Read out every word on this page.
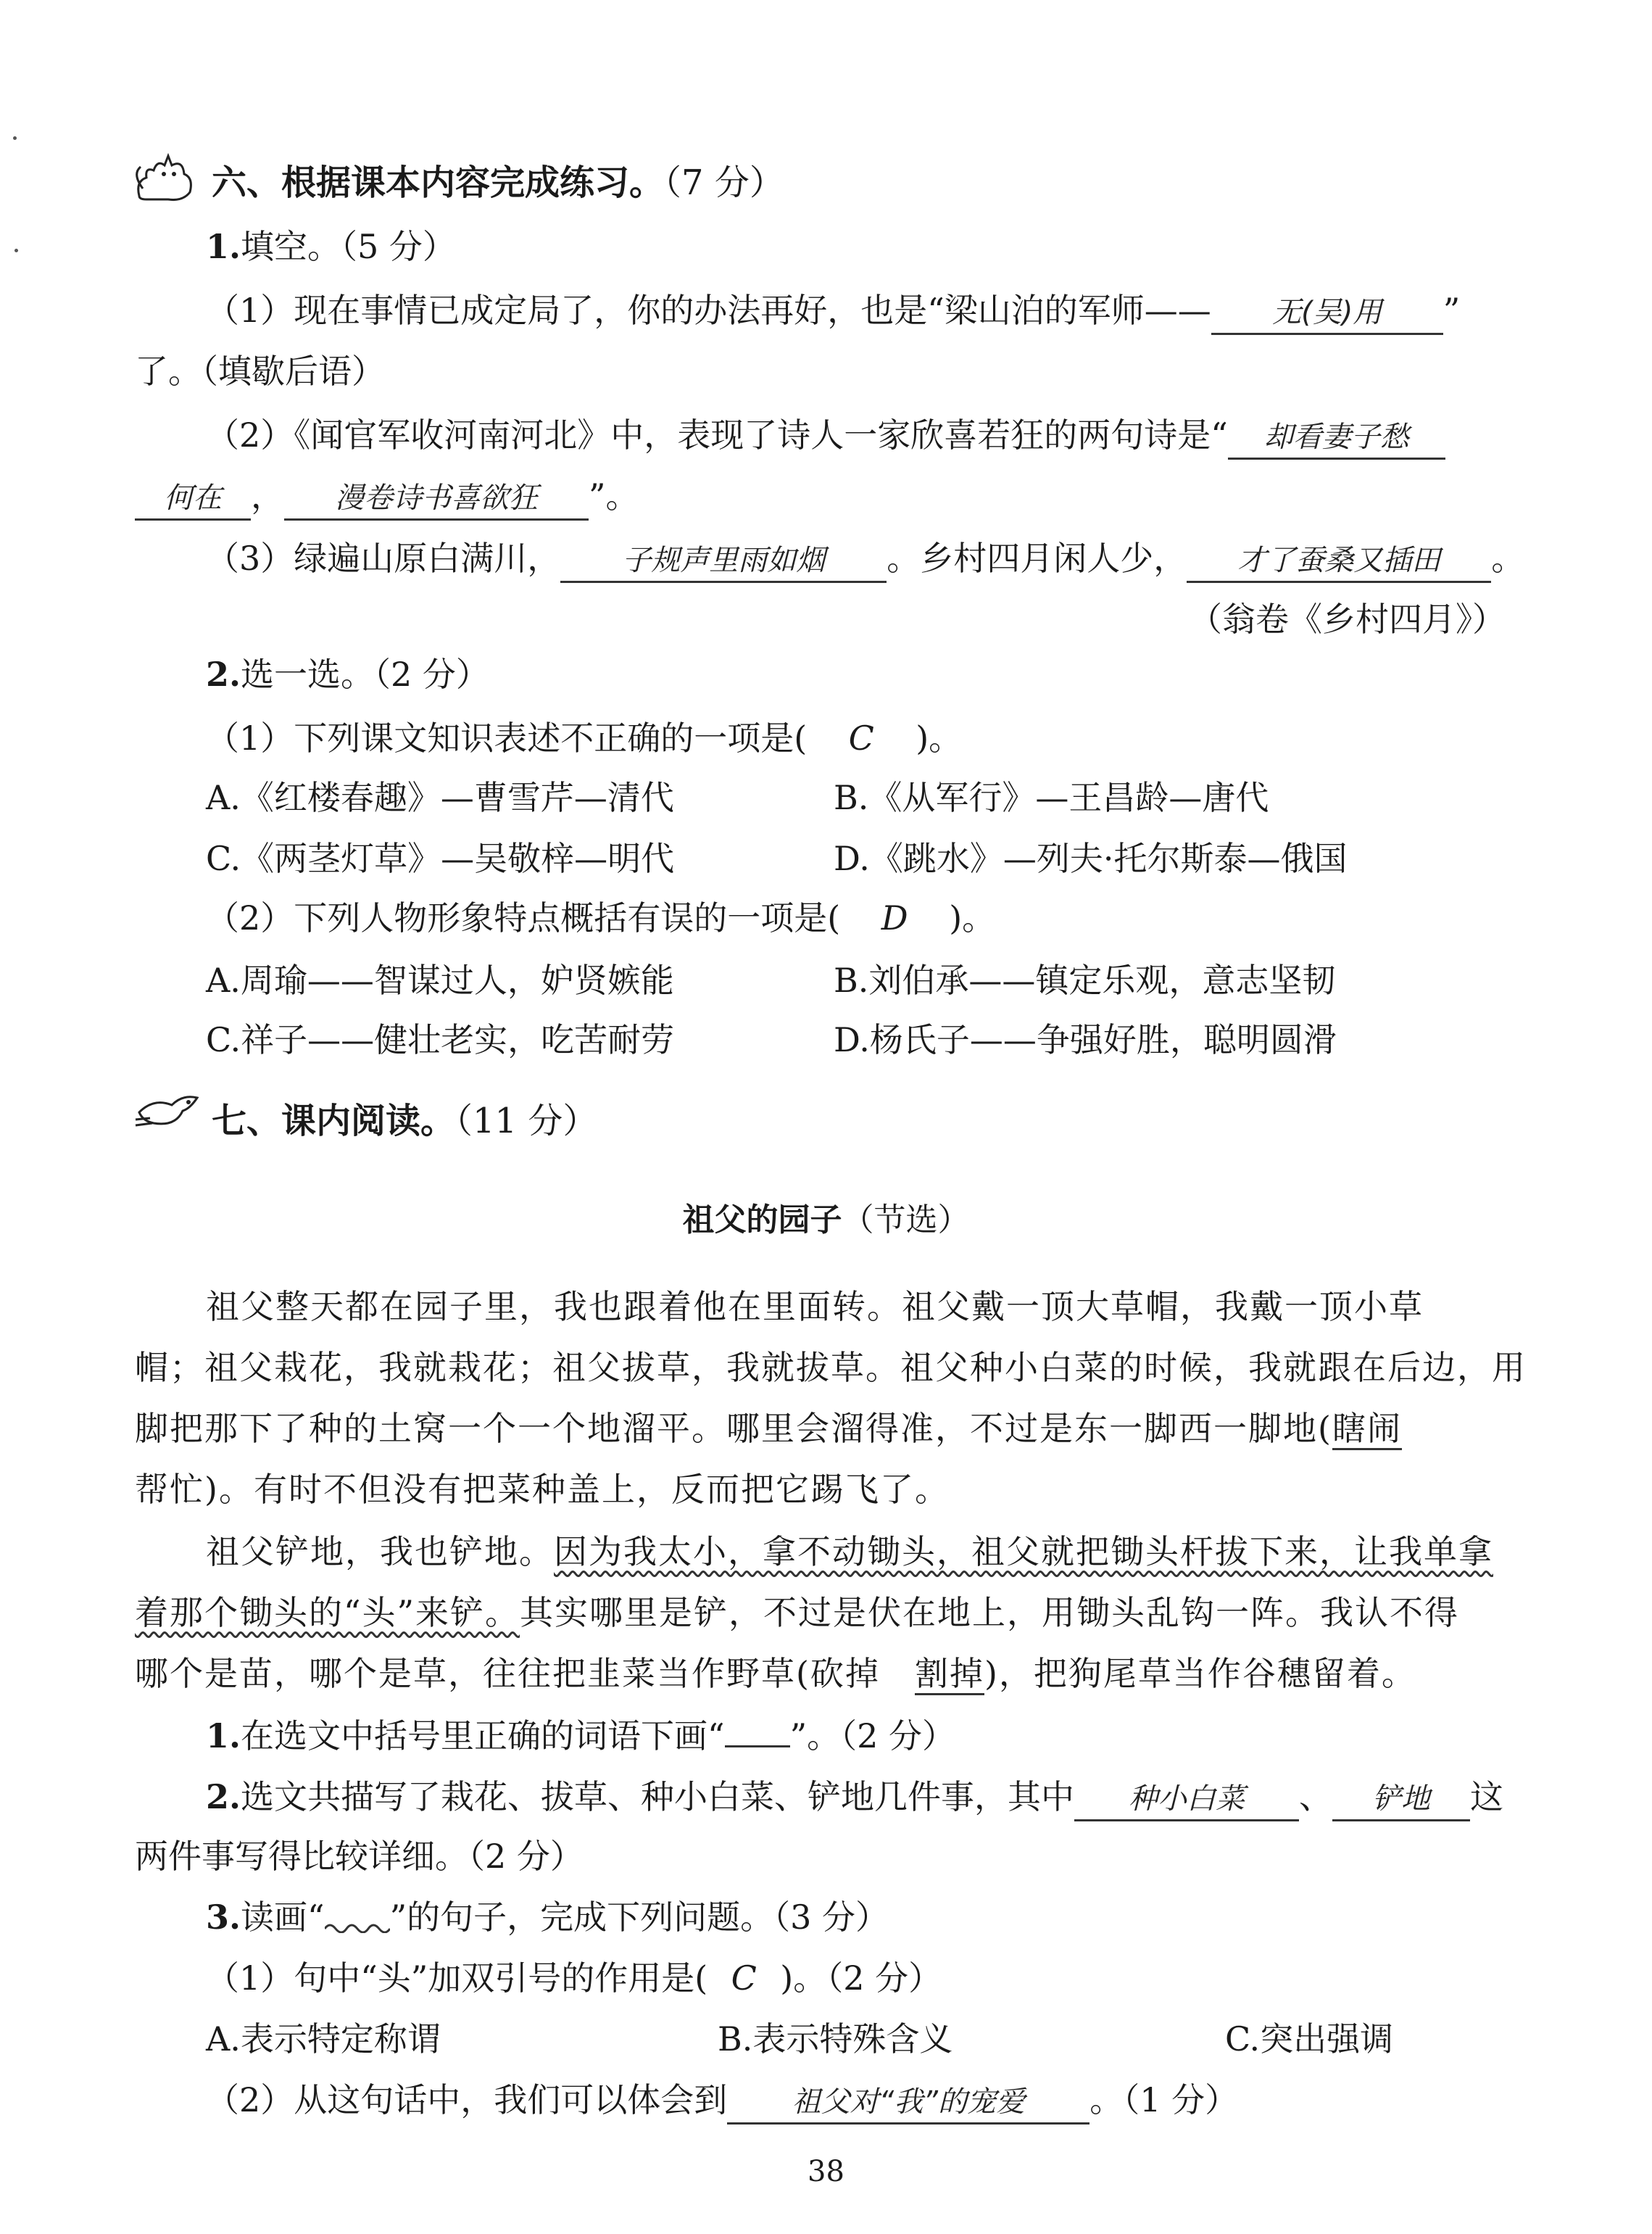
六、根据课本内容完成练习。（7 分）
1.填空。（5 分）
（1）现在事情已成定局了，你的办法再好，也是“梁山泊的军师—— 无(吴)用 ”
了。（填歇后语）
（2）《闻官军收河南河北》中，表现了诗人一家欣喜若狂的两句诗是“ 却看妻子愁
何在 ， 漫卷诗书喜欲狂 ”。
（3）绿遍山原白满川， 子规声里雨如烟 。乡村四月闲人少， 才了蚕桑又插田 。
（翁卷《乡村四月》）
2.选一选。（2 分）
（1）下列课文知识表述不正确的一项是( C )。
A.《红楼春趣》—曹雪芹—清代	B.《从军行》—王昌龄—唐代
C.《两茎灯草》—吴敬梓—明代	D.《跳水》—列夫·托尔斯泰—俄国
（2）下列人物形象特点概括有误的一项是( D )。
A.周瑜——智谋过人，妒贤嫉能	B.刘伯承——镇定乐观，意志坚韧
C.祥子——健壮老实，吃苦耐劳	D.杨氏子——争强好胜，聪明圆滑
七、课内阅读。（11 分）
祖父的园子（节选）
祖父整天都在园子里，我也跟着他在里面转。祖父戴一顶大草帽，我戴一顶小草
帽；祖父栽花，我就栽花；祖父拔草，我就拔草。祖父种小白菜的时候，我就跟在后边，用
脚把那下了种的土窝一个一个地溜平。哪里会溜得准，不过是东一脚西一脚地(瞎闹
帮忙)。有时不但没有把菜种盖上，反而把它踢飞了。
祖父铲地，我也铲地。因为我太小，拿不动锄头，祖父就把锄头杆拔下来，让我单拿
着那个锄头的“头”来铲。其实哪里是铲，不过是伏在地上，用锄头乱钩一阵。我认不得
哪个是苗，哪个是草，往往把韭菜当作野草(砍掉　割掉)，把狗尾草当作谷穗留着。
1.在选文中括号里正确的词语下画“ ”。（2 分）
2.选文共描写了栽花、拔草、种小白菜、铲地几件事，其中 种小白菜 、 铲地 这
两件事写得比较详细。（2 分）
3.读画“ ”的句子，完成下列问题。（3 分）
（1）句中“头”加双引号的作用是( C )。（2 分）
A.表示特定称谓	B.表示特殊含义	C.突出强调
（2）从这句话中，我们可以体会到 祖父对“我”的宠爱 。（1 分）
38
